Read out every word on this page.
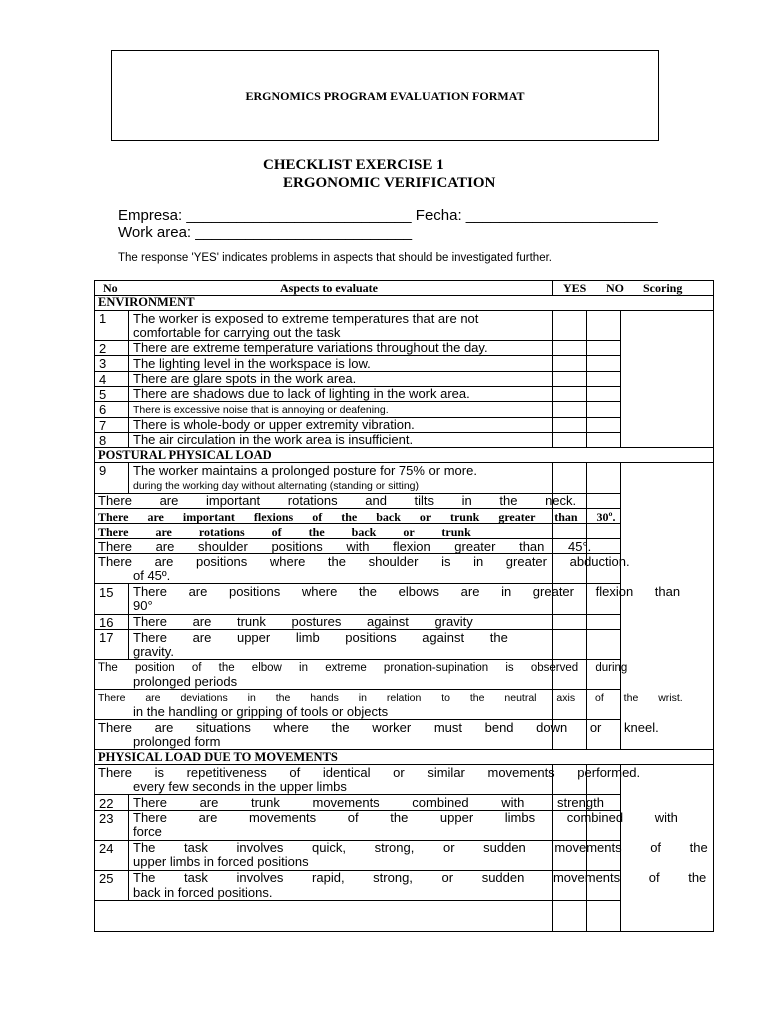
ERGNOMICS PROGRAM EVALUATION FORMAT
CHECKLIST EXERCISE 1
ERGONOMIC VERIFICATION
Empresa: ___________________________ Fecha: _______________________
Work area: __________________________
The response 'YES' indicates problems in aspects that should be investigated further.
No	Aspects to evaluate	YES NO Scoring
ENVIRONMENT
1 The worker is exposed to extreme temperatures that are not
comfortable for carrying out the task
2 There are extreme temperature variations throughout the day.
3 The lighting level in the workspace is low.
4 There are glare spots in the work area.
5 There are shadows due to lack of lighting in the work area.
6	There is excessive noise that is annoying or deafening.
7 There is whole-body or upper extremity vibration.
8 The air circulation in the work area is insufficient.
POSTURAL PHYSICAL LOAD
9 The worker maintains a prolonged posture for 75% or more.
during the working day without alternating (standing or sitting)
There are important rotations and tilts in the neck.
There are important flexions of the back or trunk greater than 30º.
There are rotations of the back or trunk
There are shoulder positions with flexion greater than 45°.
There are positions where the shoulder is in greater abduction.
of 45º.
15 There are positions where the elbows are in greater flexion than
90°
16 There are trunk postures against gravity
17 There are upper limb positions against the
gravity.
The position of the elbow in extreme pronation-supination is observed during
prolonged periods
There are deviations in the hands in relation to the neutral axis of the wrist.
in the handling or gripping of tools or objects
There are situations where the worker must bend down or kneel.
prolonged form
PHYSICAL LOAD DUE TO MOVEMENTS
There is repetitiveness of identical or similar movements performed.
every few seconds in the upper limbs
22 There are trunk movements combined with strength
23 There are movements of the upper limbs combined with
force
24 The task involves quick, strong, or sudden movements of the
upper limbs in forced positions
25 The task involves rapid, strong, or sudden movements of the
back in forced positions.
